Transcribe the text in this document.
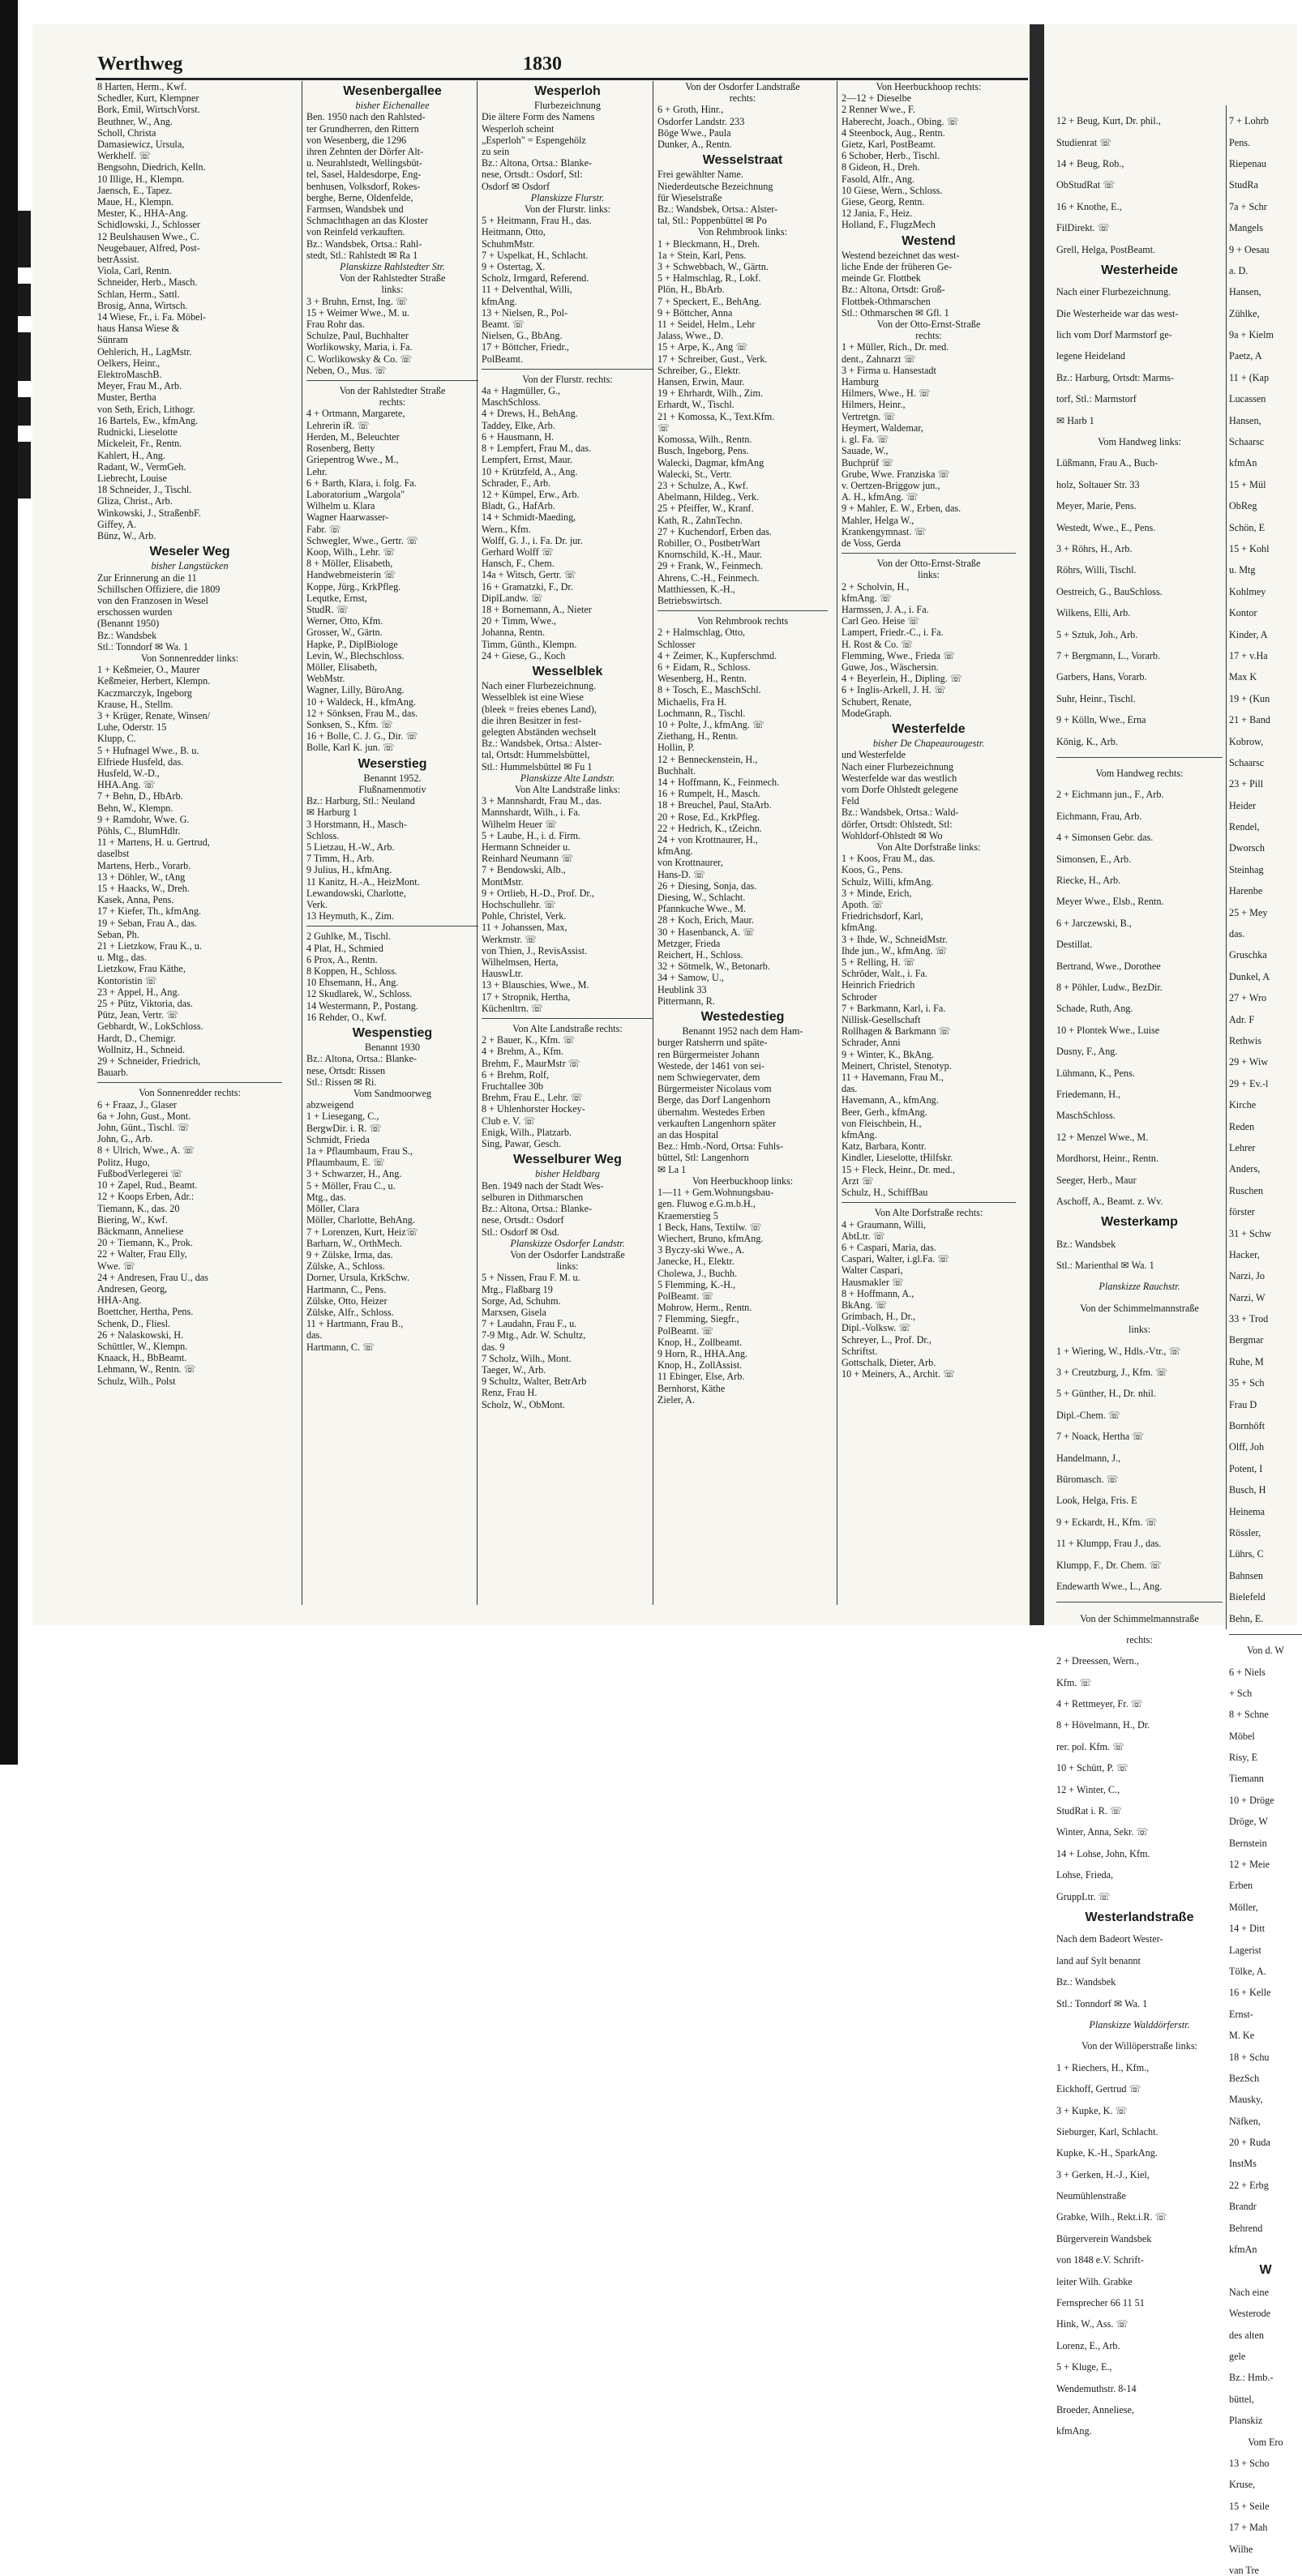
12 + Beug, Kurt, Dr. phil.,

Studienrat ☏

14 + Beug, Rob.,

ObStudRat ☏

16 + Knothe, E.,

FilDirekt. ☏

Grell, Helga, PostBeamt.

Westerheide

Nach einer Flurbezeichnung.

Die Westerheide war das west-

lich vom Dorf Marmstorf ge-

legene Heideland

Bz.: Harburg, Ortsdt: Marms-

torf, Stl.: Marmstorf

✉ Harb 1

Vom Handweg links:

Lüßmann, Frau A., Buch-

holz, Soltauer Str. 33

Meyer, Marie, Pens.

Westedt, Wwe., E., Pens.

3 + Röhrs, H., Arb.

Röhrs, Willi, Tischl.

Oestreich, G., BauSchloss.

Wilkens, Elli, Arb.

5 + Sztuk, Joh., Arb.

7 + Bergmann, L., Vorarb.

Garbers, Hans, Vorarb.

Suhr, Heinr., Tischl.

9 + Kölln, Wwe., Erna

König, K., Arb.

Vom Handweg rechts:

2 + Eichmann jun., F., Arb.

Eichmann, Frau, Arb.

4 + Simonsen Gebr. das.

Simonsen, E., Arb.

Riecke, H., Arb.

Meyer Wwe., Elsb., Rentn.

6 + Jarczewski, B.,

Destillat.

Bertrand, Wwe., Dorothee

8 + Pöhler, Ludw., BezDir.

Schade, Ruth, Ang.

10 + Plontek Wwe., Luise

Dusny, F., Ang.

Lühmann, K., Pens.

Friedemann, H.,

MaschSchloss.

12 + Menzel Wwe., M.

Mordhorst, Heinr., Rentn.

Seeger, Herb., Maur

Aschoff, A., Beamt. z. Wv.

Westerkamp

Bz.: Wandsbek

Stl.: Marienthal ✉ Wa. 1

Planskizze Rauchstr.

Von der Schimmelmannstraße

links:

1 + Wiering, W., Hdls.-Vtr., ☏

3 + Creutzburg, J., Kfm. ☏

5 + Günther, H., Dr. nhil.

Dipl.-Chem. ☏

7 + Noack, Hertha ☏

Handelmann, J.,

Büromasch. ☏

Look, Helga, Fris. E

9 + Eckardt, H., Kfm. ☏

11 + Klumpp, Frau J., das.

Klumpp, F., Dr. Chem. ☏

Endewarth Wwe., L., Ang.

Von der Schimmelmannstraße

rechts:

2 + Dreessen, Wern.,

Kfm. ☏

4 + Rettmeyer, Fr. ☏

8 + Hövelmann, H., Dr.

rer. pol. Kfm. ☏

10 + Schütt, P. ☏

12 + Winter, C.,

StudRat i. R. ☏

Winter, Anna, Sekr. ☏

14 + Lohse, John, Kfm.

Lohse, Frieda,

GruppLtr. ☏

Westerlandstraße

Nach dem Badeort Wester-

land auf Sylt benannt

Bz.: Wandsbek

Stl.: Tonndorf ✉ Wa. 1

Planskizze Walddörferstr.

Von der Willöperstraße links:

1 + Riechers, H., Kfm.,

Eickhoff, Gertrud ☏

3 + Kupke, K. ☏

Sieburger, Karl, Schlacht.

Kupke, K.-H., SparkAng.

3 + Gerken, H.-J., Kiel,

Neumühlenstraße

Grabke, Wilh., Rekt.i.R. ☏

Bürgerverein Wandsbek

von 1848 e.V. Schrift-

leiter Wilh. Grabke

Fernsprecher 66 11 51

Hink, W., Ass. ☏

Lorenz, E., Arb.

5 + Kluge, E.,

Wendemuthstr. 8-14

Broeder, Anneliese,

kfmAng.

7 + Lohrb

Pens.

Riepenau

StudRa

7a + Schr

Mangels

9 + Oesau

a. D.

Hansen,

Zühlke,

9a + Kielm

Paetz, A

11 + (Kap

Lucassen

Hansen,

Schaarsc

kfmAn

15 + Mül

ObReg

Schön, E

15 + Kohl

u. Mtg

Kohlmey

Kontor

Kinder, A

17 + v.Ha

Max K

19 + (Kun

21 + Band

Kobrow,

Schaarsc

23 + Pill

Heider

Rendel,

Dworsch

Steinhag

Harenbe

25 + Mey

das.

Gruschka

Dunkel, A

27 + Wro

Adr. F

Rethwis

29 + Wiw

29 + Ev.-l

Kirche

Reden

Lehrer

Anders,

Ruschen

förster

31 + Schw

Hacker,

Narzi, Jo

Narzi, W

33 + Trod

Bergmar

Ruhe, M

35 + Sch

Frau D

Bornhöft

Olff, Joh

Potent, I

Busch, H

Heinema

Rössler,

Lührs, C

Bahnsen

Bielefeld

Behn, E.

Von d. W

6 + Niels

+ Sch

8 + Schne

Möbel

Risy, E

Tiemann

10 + Dröge

Dröge, W

Bernstein

12 + Meie

Erben

Möller,

14 + Ditt

Lagerist

Tölke, A.

16 + Kelle

Ernst-

M. Ke

18 + Schu

BezSch

Mausky,

Näfken,

20 + Ruda

InstMs

22 + Erbg

Brandr

Behrend

kfmAn

W

Nach eine

Westerode

des alten

gele

Bz.: Hmb.-

büttel,

Planskiz

Vom Ero

13 + Scho

Kruse,

15 + Seile

17 + Mah

Wilhe

van Tre

Werthweg	1830

8 Harten, Herm., Kwf.

Schedler, Kurt, Klempner

Bork, Emil, WirtschVorst.

Beuthner, W., Ang.

Scholl, Christa

Damasiewicz, Ursula,

Werkhelf. ☏

Bengsohn, Diedrich, Kelln.

10 Illige, H., Klempn.

Jaensch, E., Tapez.

Maue, H., Klempn.

Mester, K., HHA-Ang.

Schidlowski, J., Schlosser

12 Beulshausen Wwe., C.

Neugebauer, Alfred, Post-

betrAssist.

Viola, Carl, Rentn.

Schneider, Herb., Masch.

Schlan, Herm., Sattl.

Brosig, Anna, Wirtsch.

14 Wiese, Fr., i. Fa. Möbel-

haus Hansa Wiese &

Sünram

Oehlerich, H., LagMstr.

Oelkers, Heinr.,

ElektroMaschB.

Meyer, Frau M., Arb.

Muster, Bertha

von Seth, Erich, Lithogr.

16 Bartels, Ew., kfmAng.

Rudnicki, Lieselotte

Mickeleit, Fr., Rentn.

Kahlert, H., Ang.

Radant, W., VermGeh.

Liebrecht, Louise

18 Schneider, J., Tischl.

Gliza, Christ., Arb.

Winkowski, J., StraßenbF.

Giffey, A.

Bünz, W., Arb.

Weseler Weg

bisher Langstücken

Zur Erinnerung an die 11

Schillschen Offiziere, die 1809

von den Franzosen in Wesel

erschossen wurden

(Benannt 1950)

Bz.: Wandsbek

Stl.: Tonndorf ✉ Wa. 1

Von Sonnenredder links:

1 + Keßmeier, O., Maurer

Keßmeier, Herbert, Klempn.

Kaczmarczyk, Ingeborg

Krause, H., Stellm.

3 + Krüger, Renate, Winsen/

Luhe, Oderstr. 15

Klupp, C.

5 + Hufnagel Wwe., B. u.

Elfriede Husfeld, das.

Husfeld, W.-D.,

HHA.Ang. ☏

7 + Behn, D., HbArb.

Behn, W., Klempn.

9 + Ramdohr, Wwe. G.

Pöhls, C., BlumHdlr.

11 + Martens, H. u. Gertrud,

daselbst

Martens, Herb., Vorarb.

13 + Döhler, W., tAng

15 + Haacks, W., Dreh.

Kasek, Anna, Pens.

17 + Kiefer, Th., kfmAng.

19 + Seban, Frau A., das.

Seban, Ph.

21 + Lietzkow, Frau K., u.

u. Mtg., das.

Lietzkow, Frau Käthe,

Kontoristin ☏

23 + Appel, H., Ang.

25 + Pütz, Viktoria, das.

Pütz, Jean, Vertr. ☏

Gebhardt, W., LokSchloss.

Hardt, D., Chemigr.

Wollnitz, H., Schneid.

29 + Schneider, Friedrich,

Bauarb.

Von Sonnenredder rechts:

6 + Fraaz, J., Glaser

6a + John, Gust., Mont.

John, Günt., Tischl. ☏

John, G., Arb.

8 + Ulrich, Wwe., A. ☏

Politz, Hugo,

FußbodVerlegerei ☏

10 + Zapel, Rud., Beamt.

12 + Koops Erben, Adr.:

Tiemann, K., das. 20

Biering, W., Kwf.

Bäckmann, Anneliese

20 + Tiemann, K., Prok.

22 + Walter, Frau Elly,

Wwe. ☏

24 + Andresen, Frau U., das

Andresen, Georg,

HHA-Ang.

Boettcher, Hertha, Pens.

Schenk, D., Fliesl.

26 + Nalaskowski, H.

Schüttler, W., Klempn.

Knaack, H., BbBeamt.

Lehmann, W., Rentn. ☏

Schulz, Wilh., Polst

Wesenbergallee

bisher Eichenallee

Ben. 1950 nach den Rahlsted-

ter Grundherren, den Rittern

von Wesenberg, die 1296

ihren Zehnten der Dörfer Alt-

u. Neurahlstedt, Wellingsbüt-

tel, Sasel, Haldesdorpe, Eng-

benhusen, Volksdorf, Rokes-

berghe, Berne, Oldenfelde,

Farmsen, Wandsbek und

Schmachthagen an das Kloster

von Reinfeld verkauften.

Bz.: Wandsbek, Ortsa.: Rahl-

stedt, Stl.: Rahlstedt ✉ Ra 1

Planskizze Rahlstedter Str.

Von der Rahlstedter Straße

links:

3 + Bruhn, Ernst, Ing. ☏

15 + Weimer Wwe., M. u.

Frau Rohr das.

Schulze, Paul, Buchhalter

Worlikowsky, Maria, i. Fa.

C. Worlikowsky & Co. ☏

Neben, O., Mus. ☏

Von der Rahlstedter Straße

rechts:

4 + Ortmann, Margarete,

Lehrerin iR. ☏

Herden, M., Beleuchter

Rosenberg, Betty

Griepentrog Wwe., M.,

Lehr.

6 + Barth, Klara, i. folg. Fa.

Laboratorium „Wargola"

Wilhelm u. Klara

Wagner Haarwasser-

Fabr. ☏

Schwegler, Wwe., Gertr. ☏

Koop, Wilh., Lehr. ☏

8 + Möller, Elisabeth,

Handwebmeisterin ☏

Koppe, Jürg., KrkPfleg.

Lequtke, Ernst,

StudR. ☏

Werner, Otto, Kfm.

Grosser, W., Gärtn.

Hapke, P., DiplBiologe

Levin, W., Blechschloss.

Möller, Elisabeth,

WebMstr.

Wagner, Lilly, BüroAng.

10 + Waldeck, H., kfmAng.

12 + Sönksen, Frau M., das.

Sonksen, S., Kfm. ☏

16 + Bolle, C. J. G., Dir. ☏

Bolle, Karl K. jun. ☏

Weserstieg

Benannt 1952.

Flußnamenmotiv

Bz.: Harburg, Stl.: Neuland

✉ Harburg 1

3 Horstmann, H., Masch-

Schloss.

5 Lietzau, H.-W., Arb.

7 Timm, H., Arb.

9 Julius, H., kfmAng.

11 Kanitz, H.-A., HeizMont.

Lewandowski, Charlotte,

Verk.

13 Heymuth, K., Zim.

2 Guhlke, M., Tischl.

4 Plat, H., Schmied

6 Prox, A., Rentn.

8 Koppen, H., Schloss.

10 Ehsemann, H., Ang.

12 Skudlarek, W., Schloss.

14 Westermann, P., Postang.

16 Rehder, O., Kwf.

Wespenstieg

Benannt 1930

Bz.: Altona, Ortsa.: Blanke-

nese, Ortsdt: Rissen

Stl.: Rissen ✉ Ri.

Vom Sandmoorweg

abzweigend

1 + Liesegang, C.,

BergwDir. i. R. ☏

Schmidt, Frieda

1a + Pflaumbaum, Frau S.,

Pflaumbaum, E. ☏

3 + Schwarzer, H., Ang.

5 + Möller, Frau C., u.

Mtg., das.

Möller, Clara

Möller, Charlotte, BehAng.

7 + Lorenzen, Kurt, Heiz☏

Barharn, W., OrthMech.

9 + Zülske, Irma, das.

Zülske, A., Schloss.

Dorner, Ursula, KrkSchw.

Hartmann, C., Pens.

Zülske, Otto, Heizer

Zülske, Alfr., Schloss.

11 + Hartmann, Frau B.,

das.

Hartmann, C. ☏

Wesperloh

Flurbezeichnung

Die ältere Form des Namens

Wesperloh scheint

„Esperloh" = Espengehölz

zu sein

Bz.: Altona, Ortsa.: Blanke-

nese, Ortsdt.: Osdorf, Stl:

Osdorf ✉ Osdorf

Planskizze Flurstr.

Von der Flurstr. links:

5 + Heitmann, Frau H., das.

Heitmann, Otto,

SchuhmMstr.

7 + Uspelkat, H., Schlacht.

9 + Ostertag, X.

Scholz, Irmgard, Referend.

11 + Delventhal, Willi,

kfmAng.

13 + Nielsen, R., Pol-

Beamt. ☏

Nielsen, G., BbAng.

17 + Böttcher, Friedr.,

PolBeamt.

Von der Flurstr. rechts:

4a + Hagmüller, G.,

MaschSchloss.

4 + Drews, H., BehAng.

Taddey, Elke, Arb.

6 + Hausmann, H.

8 + Lempfert, Frau M., das.

Lempfert, Ernst, Maur.

10 + Krützfeld, A., Ang.

Schrader, F., Arb.

12 + Kümpel, Erw., Arb.

Bladt, G., HafArb.

14 + Schmidt-Maeding,

Wern., Kfm.

Wolff, G. J., i. Fa. Dr. jur.

Gerhard Wolff ☏

Hansch, F., Chem.

14a + Witsch, Gertr. ☏

16 + Gramatzki, F., Dr.

DiplLandw. ☏

18 + Bornemann, A., Nieter

20 + Timm, Wwe.,

Johanna, Rentn.

Timm, Günth., Klempn.

24 + Giese, G., Koch

Wesselblek

Nach einer Flurbezeichnung.

Wesselblek ist eine Wiese

(bleek = freies ebenes Land),

die ihren Besitzer in fest-

gelegten Abständen wechselt

Bz.: Wandsbek, Ortsa.: Alster-

tal, Ortsdt: Hummelsbüttel,

Stl.: Hummelsbüttel ✉ Fu 1

Planskizze Alte Landstr.

Von Alte Landstraße links:

3 + Mannshardt, Frau M., das.

Mannshardt, Wilh., i. Fa.

Wilhelm Heuer ☏

5 + Laube, H., i. d. Firm.

Hermann Schneider u.

Reinhard Neumann ☏

7 + Bendowski, Alb.,

MontMstr.

9 + Ortlieb, H.-D., Prof. Dr.,

Hochschullehr. ☏

Pohle, Christel, Verk.

11 + Johanssen, Max,

Werkmstr. ☏

von Thien, J., RevisAssist.

Wilhelmsen, Herta,

HauswLtr.

13 + Blauschies, Wwe., M.

17 + Stropnik, Hertha,

Küchenltrn. ☏

Von Alte Landstraße rechts:

2 + Bauer, K., Kfm. ☏

4 + Brehm, A., Kfm.

Brehm, F., MaurMstr ☏

6 + Brehm, Rolf,

Fruchtallee 30b

Brehm, Frau E., Lehr. ☏

8 + Uhlenhorster Hockey-

Club e. V. ☏

Enigk, Wilh., Platzarb.

Sing, Pawar, Gesch.

Wesselburer Weg

bisher Heldbarg

Ben. 1949 nach der Stadt Wes-

selburen in Dithmarschen

Bz.: Altona, Ortsa.: Blanke-

nese, Ortsdt.: Osdorf

Stl.: Osdorf ✉ Osd.

Planskizze Osdorfer Landstr.

Von der Osdorfer Landstraße

links:

5 + Nissen, Frau F. M. u.

Mtg., Flaßbarg 19

Sorge, Ad, Schuhm.

Marxsen, Gisela

7 + Laudahn, Frau F., u.

7-9 Mtg., Adr. W. Schultz,

das. 9

7 Scholz, Wilh., Mont.

Taeger, W., Arb.

9 Schultz, Walter, BetrArb

Renz, Frau H.

Scholz, W., ObMont.

Von der Osdorfer Landstraße

rechts:

6 + Groth, Hinr.,

Osdorfer Landstr. 233

Böge Wwe., Paula

Dunker, A., Rentn.

Wesselstraat

Frei gewählter Name.

Niederdeutsche Bezeichnung

für Wieselstraße

Bz.: Wandsbek, Ortsa.: Alster-

tal, Stl.: Poppenbüttel ✉ Po

Von Rehmbrook links:

1 + Bleckmann, H., Dreh.

1a + Stein, Karl, Pens.

3 + Schwebbach, W., Gärtn.

5 + Halmschlag, R., Lokf.

Plön, H., BbArb.

7 + Speckert, E., BehAng.

9 + Böttcher, Anna

11 + Seidel, Helm., Lehr

Jalass, Wwe., D.

15 + Arpe, K., Ang ☏

17 + Schreiber, Gust., Verk.

Schreiber, G., Elektr.

Hansen, Erwin, Maur.

19 + Ehrhardt, Wilh., Zim.

Erhardt, W., Tischl.

21 + Komossa, K., Text.Kfm.

☏

Komossa, Wilh., Rentn.

Busch, Ingeborg, Pens.

Walecki, Dagmar, kfmAng

Walecki, St., Vertr.

23 + Schulze, A., Kwf.

Abelmann, Hildeg., Verk.

25 + Pfeiffer, W., Kranf.

Kath, R., ZahnTechn.

27 + Kuchendorf, Erben das.

Robiller, O., PostbetrWart

Knornschild, K.-H., Maur.

29 + Frank, W., Feinmech.

Ahrens, C.-H., Feinmech.

Matthiessen, K.-H.,

Betriebswirtsch.

Von Rehmbrook rechts

2 + Halmschlag, Otto,

Schlosser

4 + Zeimer, K., Kupferschmd.

6 + Eidam, R., Schloss.

Wesenberg, H., Rentn.

8 + Tosch, E., MaschSchl.

Michaelis, Fra H.

Lochmann, R., Tischl.

10 + Polte, J., kfmAng. ☏

Ziethang, H., Rentn.

Hollin, P.

12 + Benneckenstein, H.,

Buchhalt.

14 + Hoffmann, K., Feinmech.

16 + Rumpelt, H., Masch.

18 + Breuchel, Paul, StaArb.

20 + Rose, Ed., KrkPfleg.

22 + Hedrich, K., tZeichn.

24 + von Krottnaurer, H.,

kfmAng.

von Krottnaurer,

Hans-D. ☏

26 + Diesing, Sonja, das.

Diesing, W., Schlacht.

Pfannkuche Wwe., M.

28 + Koch, Erich, Maur.

30 + Hasenbanck, A. ☏

Metzger, Frieda

Reichert, H., Schloss.

32 + Sötmelk, W., Betonarb.

34 + Samow, U.,

Heublink 33

Pittermann, R.

Westedestieg

Benannt 1952 nach dem Ham-

burger Ratsherrn und späte-

ren Bürgermeister Johann

Westede, der 1461 von sei-

nem Schwiegervater, dem

Bürgermeister Nicolaus vom

Berge, das Dorf Langenhorn

übernahm. Westedes Erben

verkauften Langenhorn später

an das Hospital

Bez.: Hmb.-Nord, Ortsa: Fuhls-

büttel, Stl: Langenhorn

✉ La 1

Von Heerbuckhoop links:

1—11 + Gem.Wohnungsbau-

gen. Fluwog e.G.m.b.H.,

Kraemerstieg 5

1 Beck, Hans, Textilw. ☏

Wiechert, Bruno, kfmAng.

3 Byczy-ski Wwe., A.

Janecke, H., Elektr.

Cholewa, J., Buchh.

5 Flemming, K.-H.,

PolBeamt. ☏

Mohrow, Herm., Rentn.

7 Flemming, Siegfr.,

PolBeamt. ☏

Knop, H., Zollbeamt.

9 Horn, R., HHA.Ang.

Knop, H., ZollAssist.

11 Ebinger, Else, Arb.

Bernhorst, Käthe

Zieler, A.

Von Heerbuckhoop rechts:

2—12 + Dieselbe

2 Renner Wwe., F.

Haberecht, Joach., Obing. ☏

4 Steenbock, Aug., Rentn.

Gietz, Karl, PostBeamt.

6 Schober, Herb., Tischl.

8 Gideon, H., Dreh.

Fasold, Alfr., Ang.

10 Giese, Wern., Schloss.

Giese, Georg, Rentn.

12 Jania, F., Heiz.

Holland, F., FlugzMech

Westend

Westend bezeichnet das west-

liche Ende der früheren Ge-

meinde Gr. Flottbek

Bz.: Altona, Ortsdt: Groß-

Flottbek-Othmarschen

Stl.: Othmarschen ✉ Gfl. 1

Von der Otto-Ernst-Straße

rechts:

1 + Müller, Rich., Dr. med.

dent., Zahnarzt ☏

3 + Firma u. Hansestadt

Hamburg

Hilmers, Wwe., H. ☏

Hilmers, Heinr.,

Vertretgn. ☏

Heymert, Waldemar,

i. gl. Fa. ☏

Sauade, W.,

Buchprüf ☏

Grube, Wwe. Franziska ☏

v. Oertzen-Briggow jun.,

A. H., kfmAng. ☏

9 + Mahler, E. W., Erben, das.

Mahler, Helga W.,

Krankengymnast. ☏

de Voss, Gerda

Von der Otto-Ernst-Straße

links:

2 + Scholvin, H.,

kfmAng. ☏

Harmssen, J. A., i. Fa.

Carl Geo. Heise ☏

Lampert, Friedr.-C., i. Fa.

H. Rost & Co. ☏

Flemming, Wwe., Frieda ☏

Guwe, Jos., Wäschersin.

4 + Beyerlein, H., Dipling. ☏

6 + Inglis-Arkell, J. H. ☏

Schubert, Renate,

ModeGraph.

Westerfelde

bisher De Chapeaurougestr.

und Westerfelde

Nach einer Flurbezeichnung

Westerfelde war das westlich

vom Dorfe Ohlstedt gelegene

Feld

Bz.: Wandsbek, Ortsa.: Wald-

dörfer, Ortsdt: Ohlstedt, Stl:

Wohldorf-Ohlstedt ✉ Wo

Von Alte Dorfstraße links:

1 + Koos, Frau M., das.

Koos, G., Pens.

Schulz, Willi, kfmAng.

3 + Minde, Erich,

Apoth. ☏

Friedrichsdorf, Karl,

kfmAng.

3 + Ihde, W., SchneidMstr.

Ihde jun., W., kfmAng. ☏

5 + Relling, H. ☏

Schröder, Walt., i. Fa.

Heinrich Friedrich

Schroder

7 + Barkmann, Karl, i. Fa.

Nillisk-Gesellschaft

Rollhagen & Barkmann ☏

Schrader, Anni

9 + Winter, K., BkAng.

Meinert, Christel, Stenotyp.

11 + Havemann, Frau M.,

das.

Havemann, A., kfmAng.

Beer, Gerh., kfmAng.

von Fleischbein, H.,

kfmAng.

Katz, Barbara, Kontr.

Kindler, Lieselotte, tHilfskr.

15 + Fleck, Heinr., Dr. med.,

Arzt ☏

Schulz, H., SchiffBau

Von Alte Dorfstraße rechts:

4 + Graumann, Willi,

AbtLtr. ☏

6 + Caspari, Maria, das.

Caspari, Walter, i.gl.Fa. ☏

Walter Caspari,

Hausmakler ☏

8 + Hoffmann, A.,

BkAng. ☏

Grimbach, H., Dr.,

Dipl.-Volksw. ☏

Schreyer, L., Prof. Dr.,

Schriftst.

Gottschalk, Dieter, Arb.

10 + Meiners, A., Archit. ☏
